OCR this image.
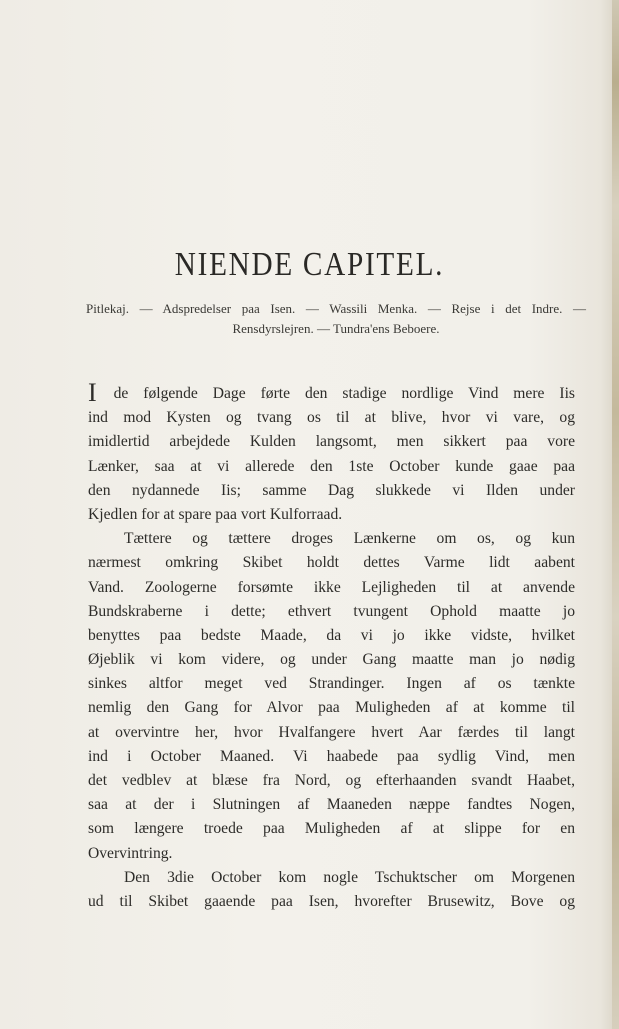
NIENDE CAPITEL.
Pitlekaj. — Adspredelser paa Isen. — Wassili Menka. — Rejse i det Indre. —
Rensdyrslejren. — Tundra'ens Beboere.
I de følgende Dage førte den stadige nordlige Vind mere Iis
ind mod Kysten og tvang os til at blive, hvor vi vare, og
imidlertid arbejdede Kulden langsomt, men sikkert paa vore
Lænker, saa at vi allerede den 1ste October kunde gaae paa
den nydannede Iis; samme Dag slukkede vi Ilden under
Kjedlen for at spare paa vort Kulforraad.
Tættere og tættere droges Lænkerne om os, og kun
nærmest omkring Skibet holdt dettes Varme lidt aabent
Vand. Zoologerne forsømte ikke Lejligheden til at anvende
Bundskraberne i dette; ethvert tvungent Ophold maatte jo
benyttes paa bedste Maade, da vi jo ikke vidste, hvilket
Øjeblik vi kom videre, og under Gang maatte man jo nødig
sinkes altfor meget ved Strandinger. Ingen af os tænkte
nemlig den Gang for Alvor paa Muligheden af at komme til
at overvintre her, hvor Hvalfangere hvert Aar færdes til langt
ind i October Maaned. Vi haabede paa sydlig Vind, men
det vedblev at blæse fra Nord, og efterhaanden svandt Haabet,
saa at der i Slutningen af Maaneden næppe fandtes Nogen,
som længere troede paa Muligheden af at slippe for en
Overvintring.
Den 3die October kom nogle Tschuktscher om Morgenen
ud til Skibet gaaende paa Isen, hvorefter Brusewitz, Bove og
